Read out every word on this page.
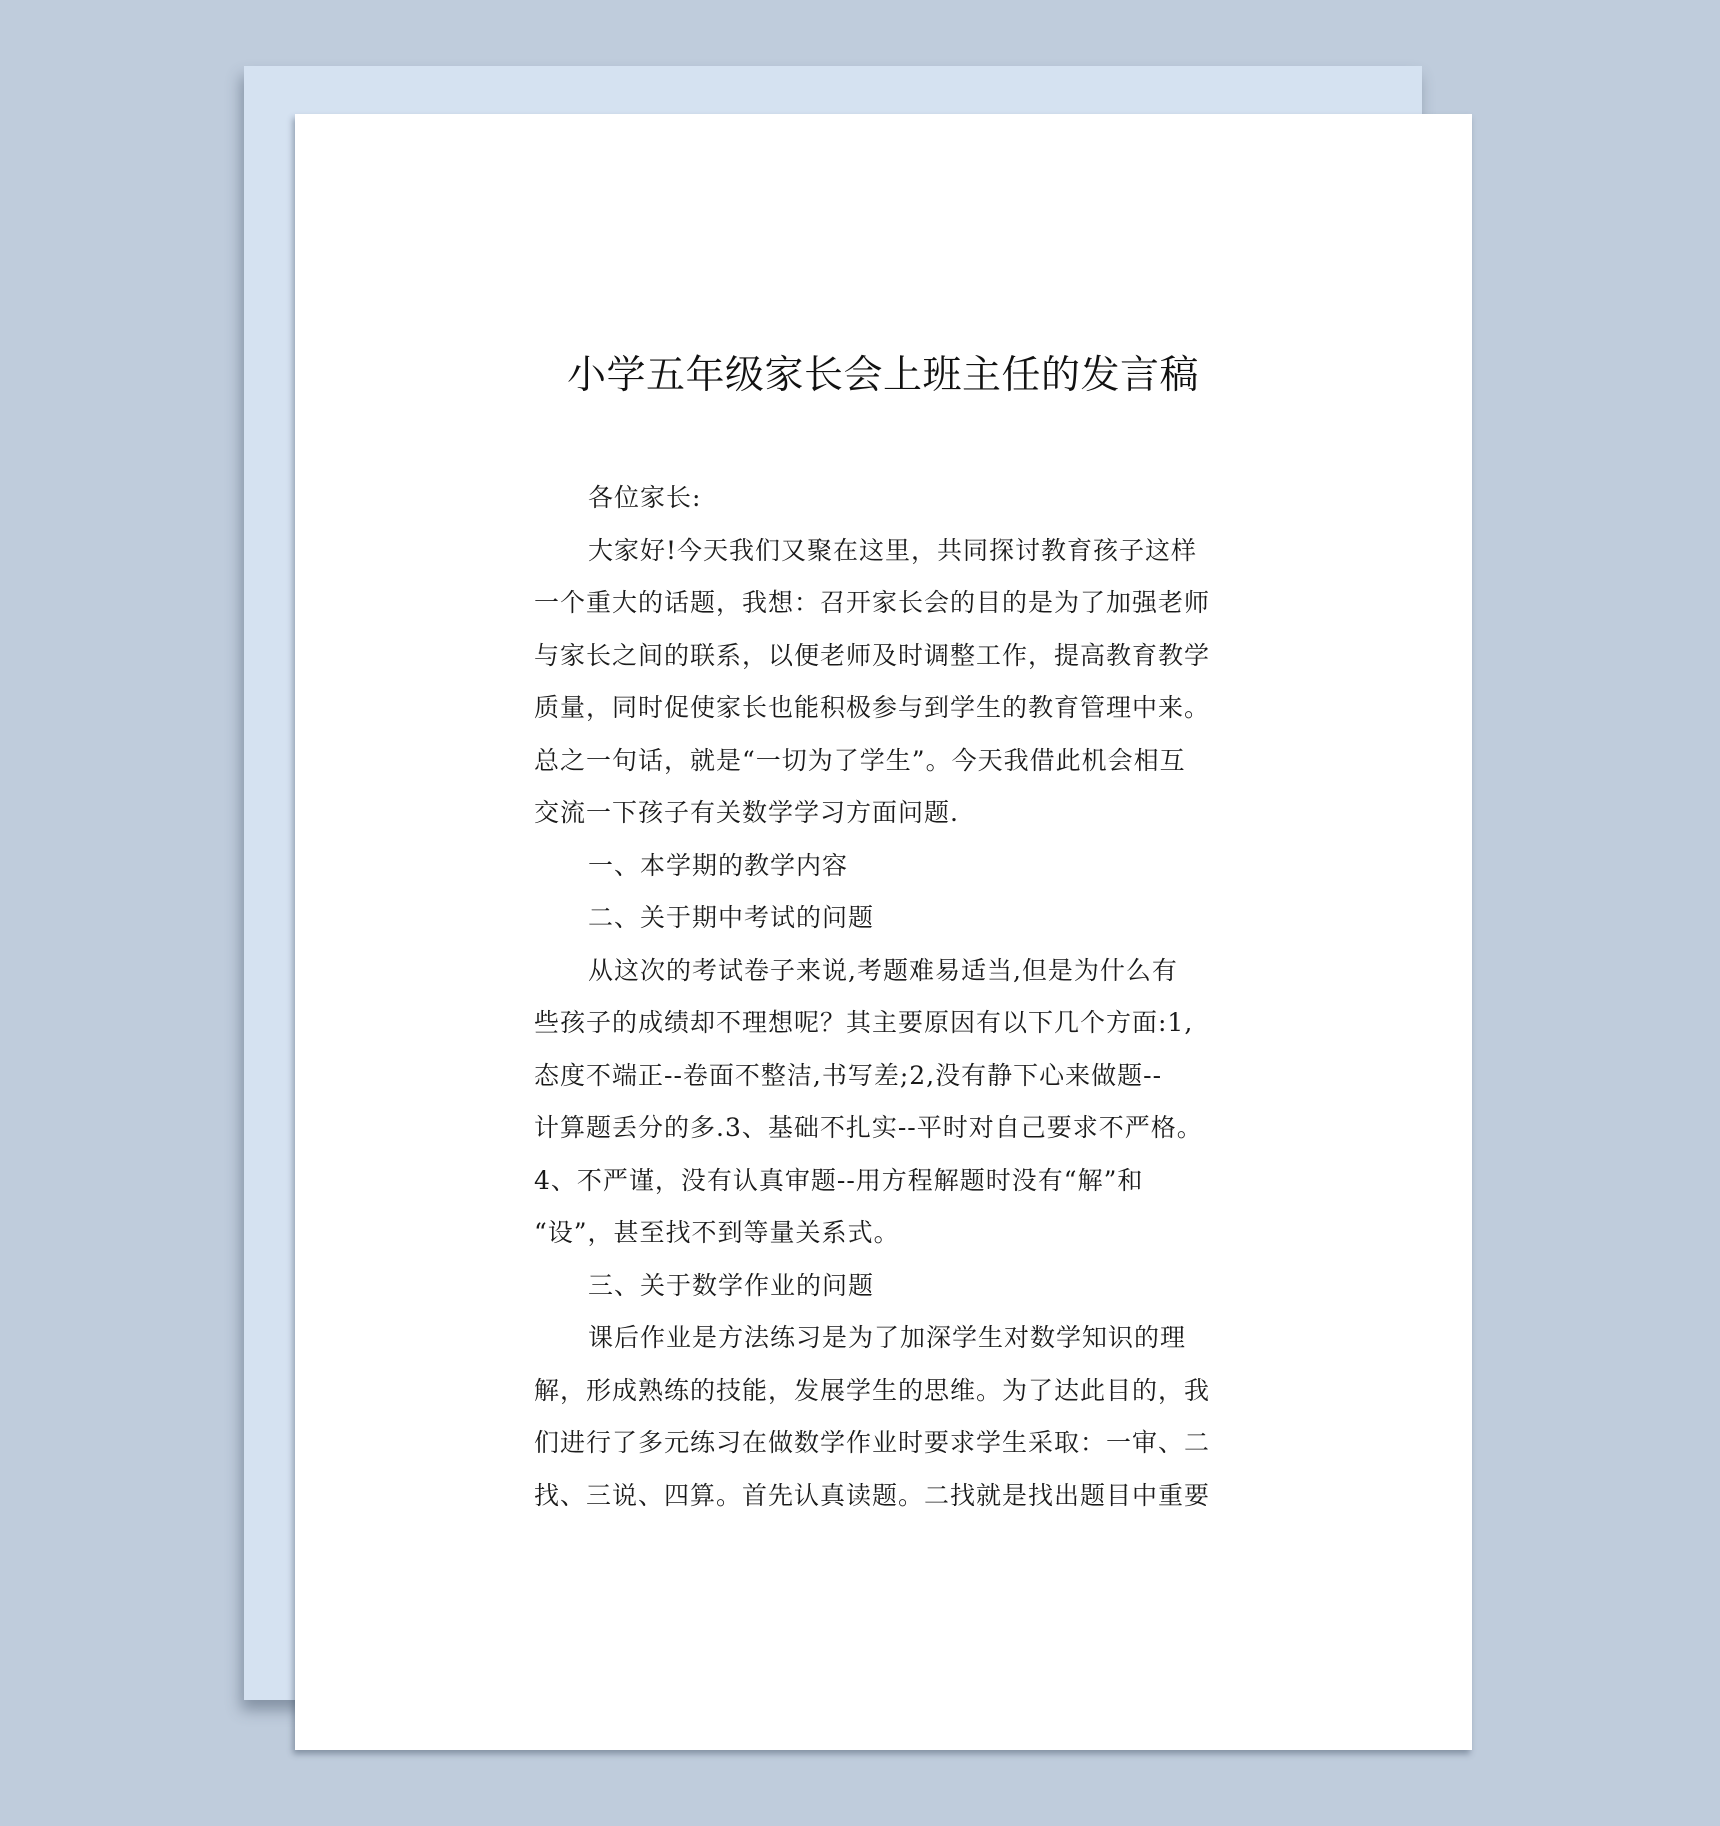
小学五年级家长会上班主任的发言稿
各位家长:
大家好!今天我们又聚在这里，共同探讨教育孩子这样
一个重大的话题，我想：召开家长会的目的是为了加强老师
与家长之间的联系，以便老师及时调整工作，提高教育教学
质量，同时促使家长也能积极参与到学生的教育管理中来。
总之一句话，就是“一切为了学生”。今天我借此机会相互
交流一下孩子有关数学学习方面问题.
一、本学期的教学内容
二、关于期中考试的问题
从这次的考试卷子来说,考题难易适当,但是为什么有
些孩子的成绩却不理想呢？其主要原因有以下几个方面:1,
态度不端正--卷面不整洁,书写差;2,没有静下心来做题--
计算题丢分的多.3、基础不扎实--平时对自己要求不严格。
4、不严谨，没有认真审题--用方程解题时没有“解”和
“设”，甚至找不到等量关系式。
三、关于数学作业的问题
课后作业是方法练习是为了加深学生对数学知识的理
解，形成熟练的技能，发展学生的思维。为了达此目的，我
们进行了多元练习在做数学作业时要求学生采取：一审、二
找、三说、四算。首先认真读题。二找就是找出题目中重要
